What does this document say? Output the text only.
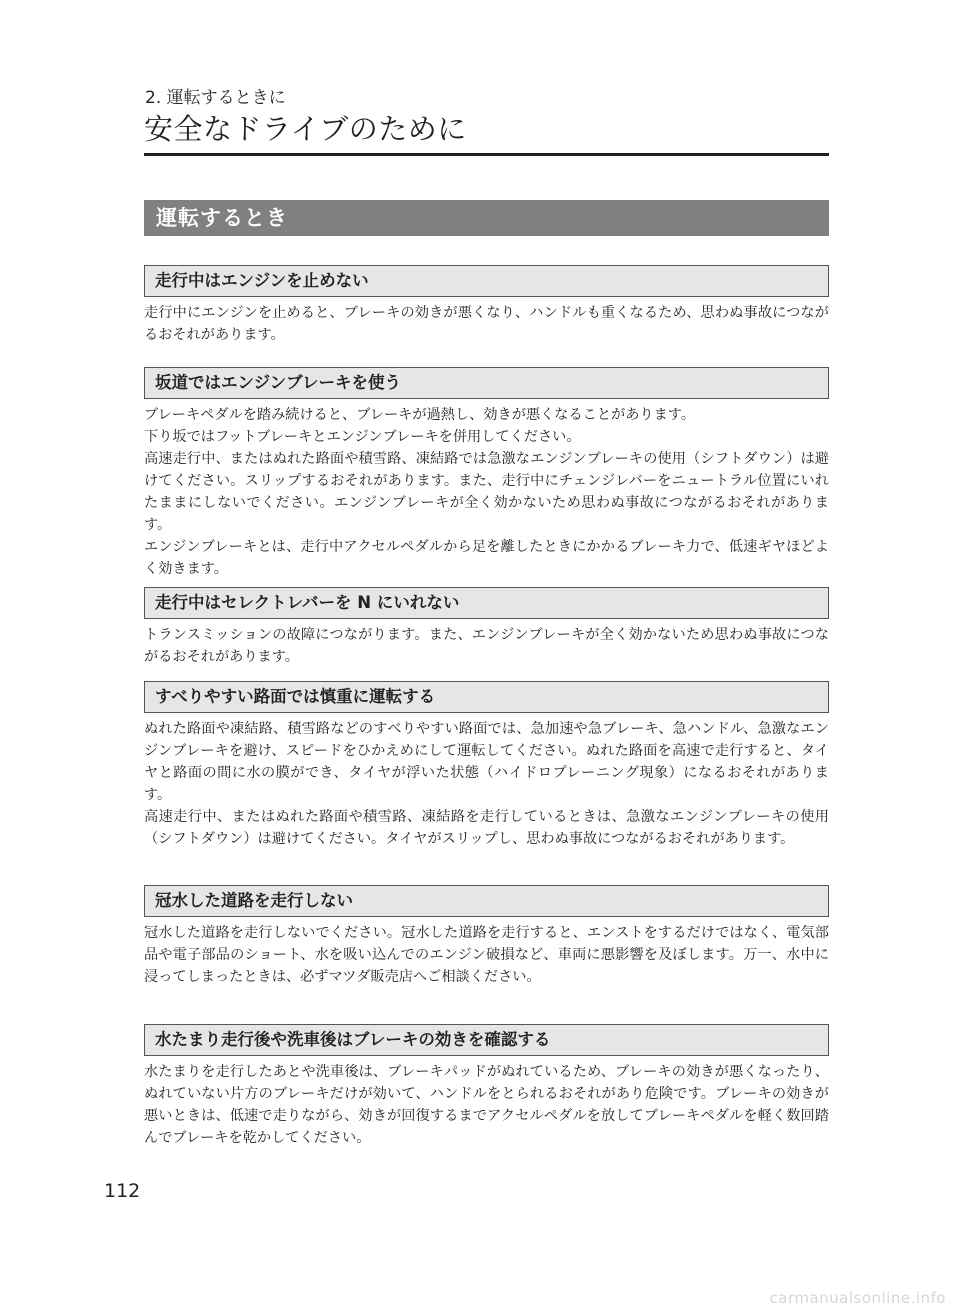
2. 運転するときに
安全なドライブのために
運転するとき
走行中はエンジンを止めない

走行中にエンジンを止めると、ブレーキの効きが悪くなり、ハンドルも重くなるため、思わぬ事故につながるおそれがあります。

坂道ではエンジンブレーキを使う

ブレーキペダルを踏み続けると、ブレーキが過熱し、効きが悪くなることがあります。

下り坂ではフットブレーキとエンジンブレーキを併用してください。

高速走行中、またはぬれた路面や積雪路、凍結路では急激なエンジンブレーキの使用（シフトダウン）は避けてください。スリップするおそれがあります。また、走行中にチェンジレバーをニュートラル位置にいれたままにしないでください。エンジンブレーキが全く効かないため思わぬ事故につながるおそれがあります。

エンジンブレーキとは、走行中アクセルペダルから足を離したときにかかるブレーキ力で、低速ギヤほどよく効きます。

走行中はセレクトレバーを N にいれない

トランスミッションの故障につながります。また、エンジンブレーキが全く効かないため思わぬ事故につながるおそれがあります。

すべりやすい路面では慎重に運転する

ぬれた路面や凍結路、積雪路などのすべりやすい路面では、急加速や急ブレーキ、急ハンドル、急激なエンジンブレーキを避け、スピードをひかえめにして運転してください。ぬれた路面を高速で走行すると、タイヤと路面の間に水の膜ができ、タイヤが浮いた状態（ハイドロプレーニング現象）になるおそれがあります。

高速走行中、またはぬれた路面や積雪路、凍結路を走行しているときは、急激なエンジンブレーキの使用（シフトダウン）は避けてください。タイヤがスリップし、思わぬ事故につながるおそれがあります。

冠水した道路を走行しない

冠水した道路を走行しないでください。冠水した道路を走行すると、エンストをするだけではなく、電気部品や電子部品のショート、水を吸い込んでのエンジン破損など、車両に悪影響を及ぼします。万一、水中に浸ってしまったときは、必ずマツダ販売店へご相談ください。

水たまり走行後や洗車後はブレーキの効きを確認する

水たまりを走行したあとや洗車後は、ブレーキパッドがぬれているため、ブレーキの効きが悪くなったり、ぬれていない片方のブレーキだけが効いて、ハンドルをとられるおそれがあり危険です。ブレーキの効きが悪いときは、低速で走りながら、効きが回復するまでアクセルペダルを放してブレーキペダルを軽く数回踏んでブレーキを乾かしてください。

112
carmanualsonline.info
